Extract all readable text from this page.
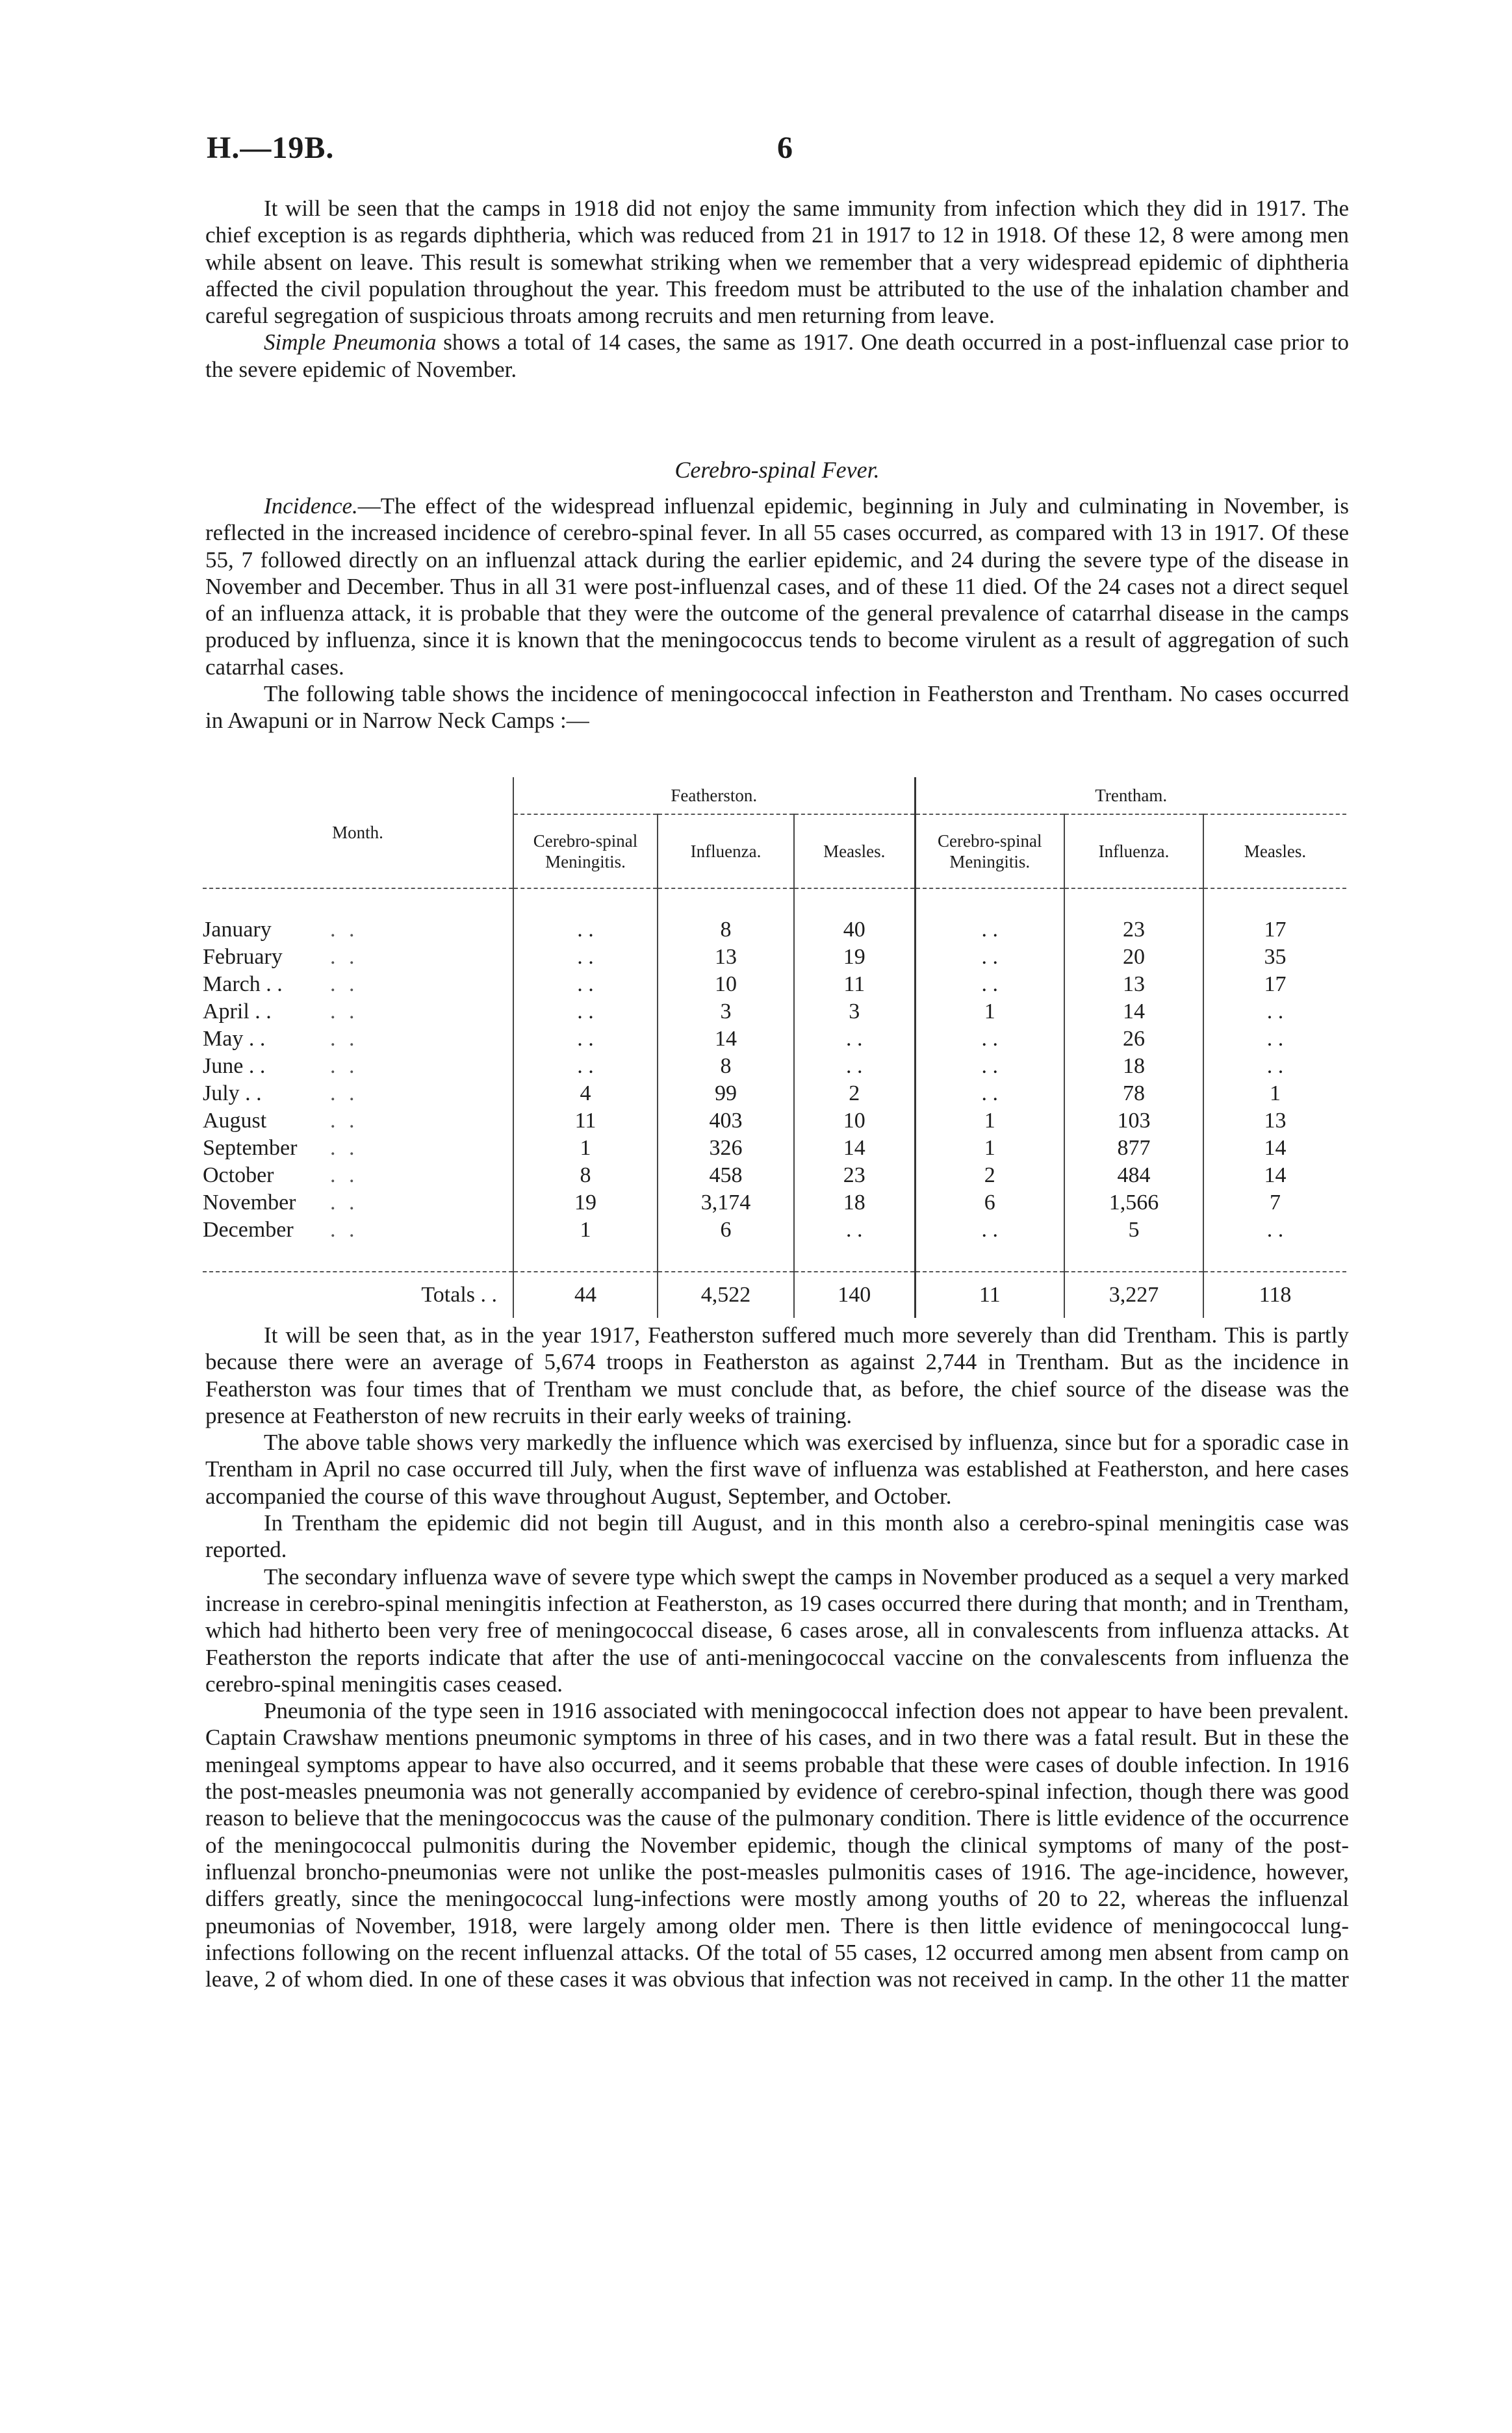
H.—19B.	6

It will be seen that the camps in 1918 did not enjoy the same immunity from infection which they did in 1917. The chief exception is as regards diphtheria, which was reduced from 21 in 1917 to 12 in 1918. Of these 12, 8 were among men while absent on leave. This result is somewhat striking when we remember that a very widespread epidemic of diphtheria affected the civil population throughout the year. This freedom must be attributed to the use of the inhalation chamber and careful segregation of suspicious throats among recruits and men returning from leave.

Simple Pneumonia shows a total of 14 cases, the same as 1917. One death occurred in a post-influenzal case prior to the severe epidemic of November.

Cerebro-spinal Fever.

Incidence.—The effect of the widespread influenzal epidemic, beginning in July and culminating in November, is reflected in the increased incidence of cerebro-spinal fever. In all 55 cases occurred, as compared with 13 in 1917. Of these 55, 7 followed directly on an influenzal attack during the earlier epidemic, and 24 during the severe type of the disease in November and December. Thus in all 31 were post-influenzal cases, and of these 11 died. Of the 24 cases not a direct sequel of an influenza attack, it is probable that they were the outcome of the general prevalence of catarrhal disease in the camps produced by influenza, since it is known that the meningococcus tends to become virulent as a result of aggregation of such catarrhal cases.

The following table shows the incidence of meningococcal infection in Featherston and Trentham. No cases occurred in Awapuni or in Narrow Neck Camps :—

Month.	Featherston.			Trentham.		
	Cerebro-spinal Meningitis.	Influenza.	Measles.	Cerebro-spinal Meningitis.	Influenza.	Measles.

January . .	. .	8	40	. .	23	17
February . .	. .	13	19	. .	20	35
March . . . .	. .	10	11	. .	13	17
April . . . .	. .	3	3	1	14	. .
May . . . .	. .	14	. .	. .	26	. .
June . . . .	. .	8	. .	. .	18	. .
July . . . .	4	99	2	. .	78	1
August . .	11	403	10	1	103	13
September . .	1	326	14	1	877	14
October . .	8	458	23	2	484	14
November . .	19	3,174	18	6	1,566	7
December . .	1	6	. .	. .	5	. .

Totals . .	44	4,522	140	11	3,227	118

It will be seen that, as in the year 1917, Featherston suffered much more severely than did Trentham. This is partly because there were an average of 5,674 troops in Featherston as against 2,744 in Trentham. But as the incidence in Featherston was four times that of Trentham we must conclude that, as before, the chief source of the disease was the presence at Featherston of new recruits in their early weeks of training.

The above table shows very markedly the influence which was exercised by influenza, since but for a sporadic case in Trentham in April no case occurred till July, when the first wave of influenza was established at Featherston, and here cases accompanied the course of this wave throughout August, September, and October.

In Trentham the epidemic did not begin till August, and in this month also a cerebro-spinal meningitis case was reported.

The secondary influenza wave of severe type which swept the camps in November produced as a sequel a very marked increase in cerebro-spinal meningitis infection at Featherston, as 19 cases occurred there during that month; and in Trentham, which had hitherto been very free of meningococcal disease, 6 cases arose, all in convalescents from influenza attacks. At Featherston the reports indicate that after the use of anti-meningococcal vaccine on the convalescents from influenza the cerebro-spinal meningitis cases ceased.

Pneumonia of the type seen in 1916 associated with meningococcal infection does not appear to have been prevalent. Captain Crawshaw mentions pneumonic symptoms in three of his cases, and in two there was a fatal result. But in these the meningeal symptoms appear to have also occurred, and it seems probable that these were cases of double infection. In 1916 the post-measles pneumonia was not generally accompanied by evidence of cerebro-spinal infection, though there was good reason to believe that the meningococcus was the cause of the pulmonary condition. There is little evidence of the occurrence of the meningococcal pulmonitis during the November epidemic, though the clinical symptoms of many of the post-influenzal broncho-pneumonias were not unlike the post-measles pulmonitis cases of 1916. The age-incidence, however, differs greatly, since the meningococcal lung-infections were mostly among youths of 20 to 22, whereas the influenzal pneumonias of November, 1918, were largely among older men. There is then little evidence of meningococcal lung-infections following on the recent influenzal attacks. Of the total of 55 cases, 12 occurred among men absent from camp on leave, 2 of whom died. In one of these cases it was obvious that infection was not received in camp. In the other 11 the matter
